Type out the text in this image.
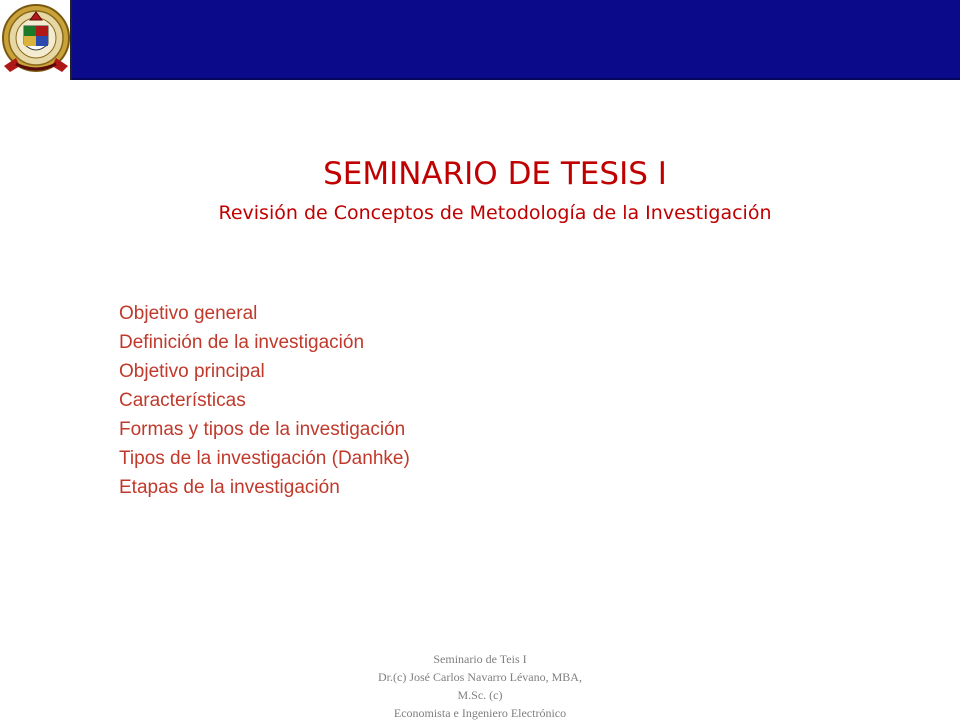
SEMINARIO DE TESIS I
Revisión de Conceptos de Metodología de la Investigación
Objetivo general
Definición de la investigación
Objetivo principal
Características
Formas y tipos de la investigación
Tipos de la investigación (Danhke)
Etapas de la investigación
Seminario de Teis I
Dr.(c) José Carlos Navarro Lévano, MBA,
M.Sc. (c)
Economista e Ingeniero Electrónico
